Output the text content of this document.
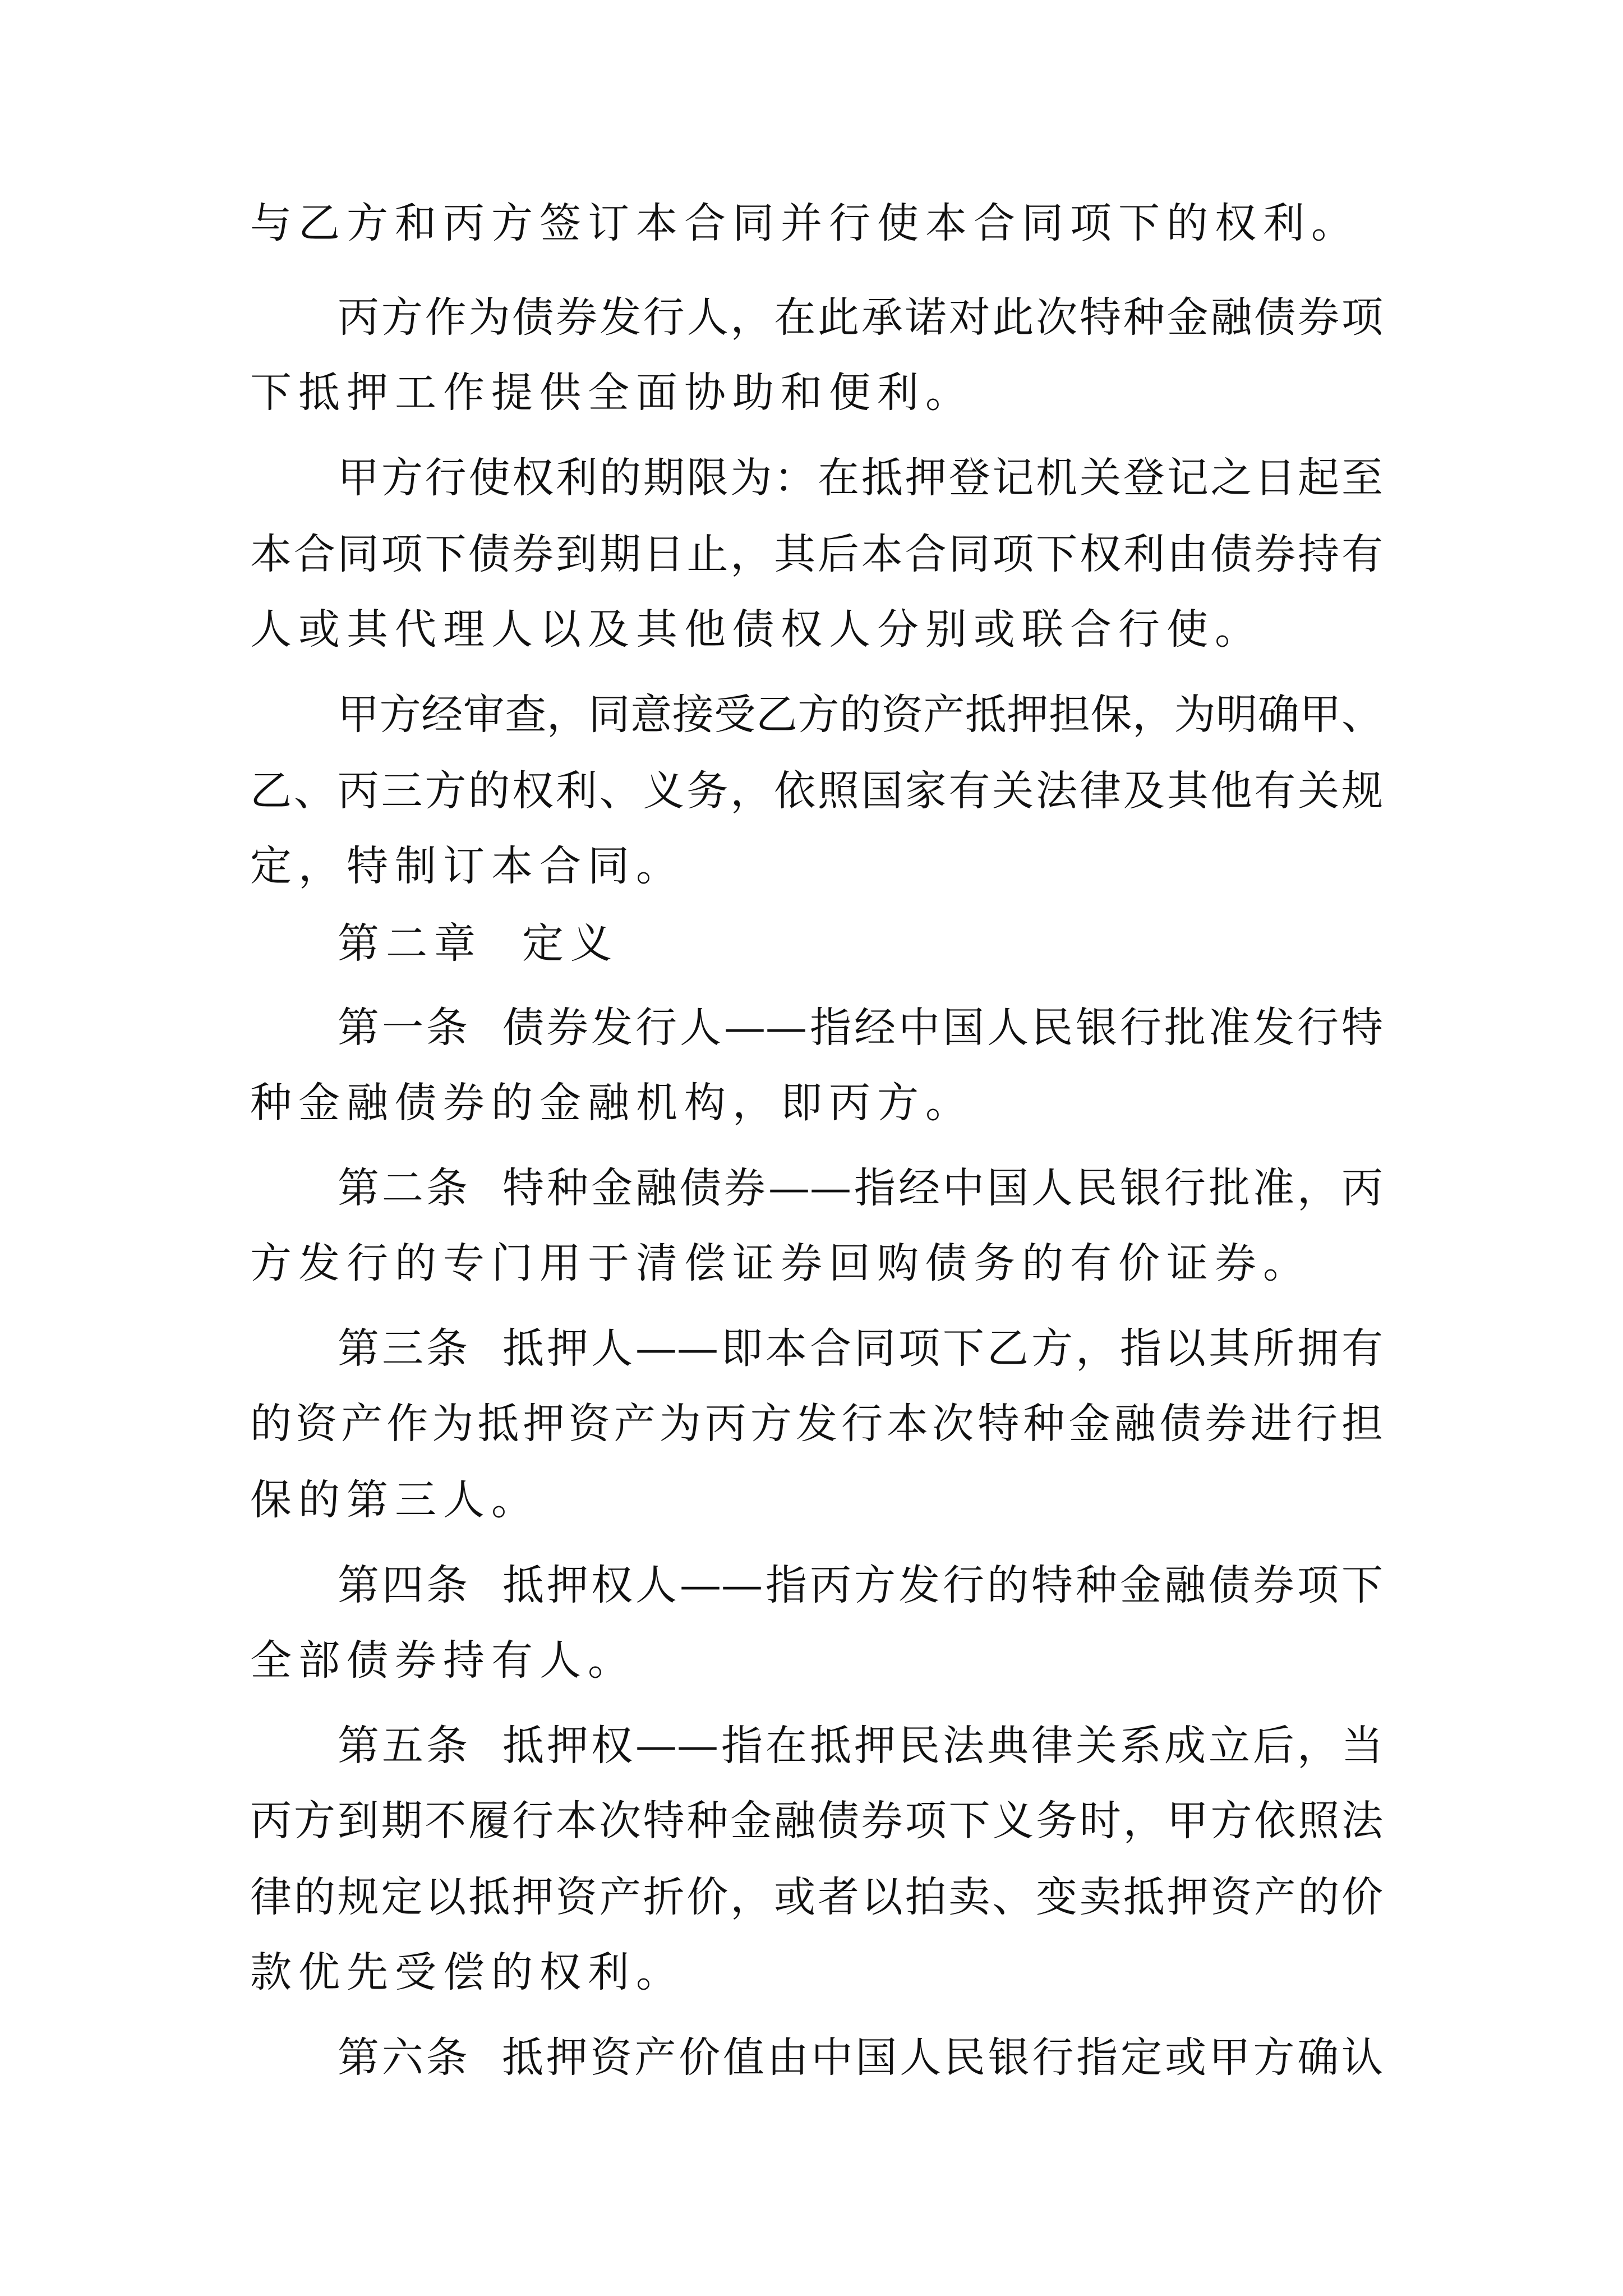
与乙方和丙方签订本合同并行使本合同项下的权利。
丙方作为债券发行人，在此承诺对此次特种金融债券项
下抵押工作提供全面协助和便利。
甲方行使权利的期限为：在抵押登记机关登记之日起至
本合同项下债券到期日止，其后本合同项下权利由债券持有
人或其代理人以及其他债权人分别或联合行使。
甲方经审查，同意接受乙方的资产抵押担保，为明确甲、
乙、丙三方的权利、义务，依照国家有关法律及其他有关规
定，特制订本合同。
第二章  定义
第一条  债券发行人——指经中国人民银行批准发行特
种金融债券的金融机构，即丙方。
第二条  特种金融债券——指经中国人民银行批准，丙
方发行的专门用于清偿证券回购债务的有价证券。
第三条  抵押人——即本合同项下乙方，指以其所拥有
的资产作为抵押资产为丙方发行本次特种金融债券进行担
保的第三人。
第四条  抵押权人——指丙方发行的特种金融债券项下
全部债券持有人。
第五条  抵押权——指在抵押民法典律关系成立后，当
丙方到期不履行本次特种金融债券项下义务时，甲方依照法
律的规定以抵押资产折价，或者以拍卖、变卖抵押资产的价
款优先受偿的权利。
第六条  抵押资产价值由中国人民银行指定或甲方确认
